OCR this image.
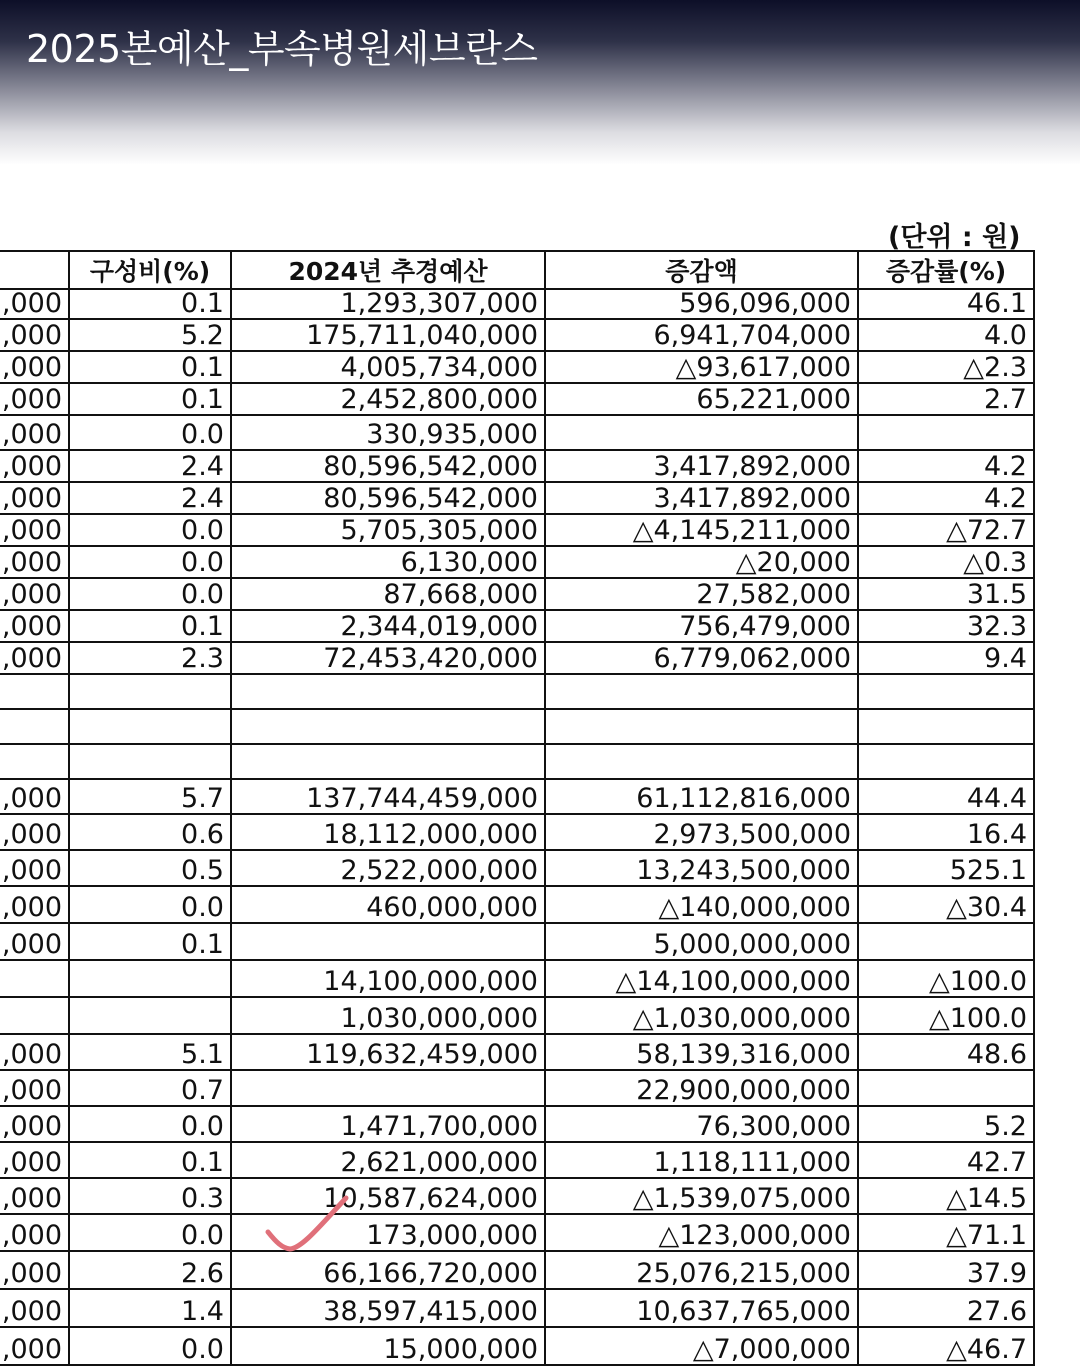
2025본예산_부속병원세브란스
(단위 : 원)
	구성비(%)	2024년 추경예산	증감액	증감률(%)
,000	0.1	1,293,307,000	596,096,000	46.1
,000	5.2	175,711,040,000	6,941,704,000	4.0
,000	0.1	4,005,734,000	△93,617,000	△2.3
,000	0.1	2,452,800,000	65,221,000	2.7
,000	0.0	330,935,000		
,000	2.4	80,596,542,000	3,417,892,000	4.2
,000	2.4	80,596,542,000	3,417,892,000	4.2
,000	0.0	5,705,305,000	△4,145,211,000	△72.7
,000	0.0	6,130,000	△20,000	△0.3
,000	0.0	87,668,000	27,582,000	31.5
,000	0.1	2,344,019,000	756,479,000	32.3
,000	2.3	72,453,420,000	6,779,062,000	9.4

,000	5.7	137,744,459,000	61,112,816,000	44.4
,000	0.6	18,112,000,000	2,973,500,000	16.4
,000	0.5	2,522,000,000	13,243,500,000	525.1
,000	0.0	460,000,000	△140,000,000	△30.4
,000	0.1		5,000,000,000	
		14,100,000,000	△14,100,000,000	△100.0
		1,030,000,000	△1,030,000,000	△100.0
,000	5.1	119,632,459,000	58,139,316,000	48.6
,000	0.7		22,900,000,000	
,000	0.0	1,471,700,000	76,300,000	5.2
,000	0.1	2,621,000,000	1,118,111,000	42.7
,000	0.3	10,587,624,000	△1,539,075,000	△14.5
,000	0.0	173,000,000	△123,000,000	△71.1
,000	2.6	66,166,720,000	25,076,215,000	37.9
,000	1.4	38,597,415,000	10,637,765,000	27.6
,000	0.0	15,000,000	△7,000,000	△46.7
